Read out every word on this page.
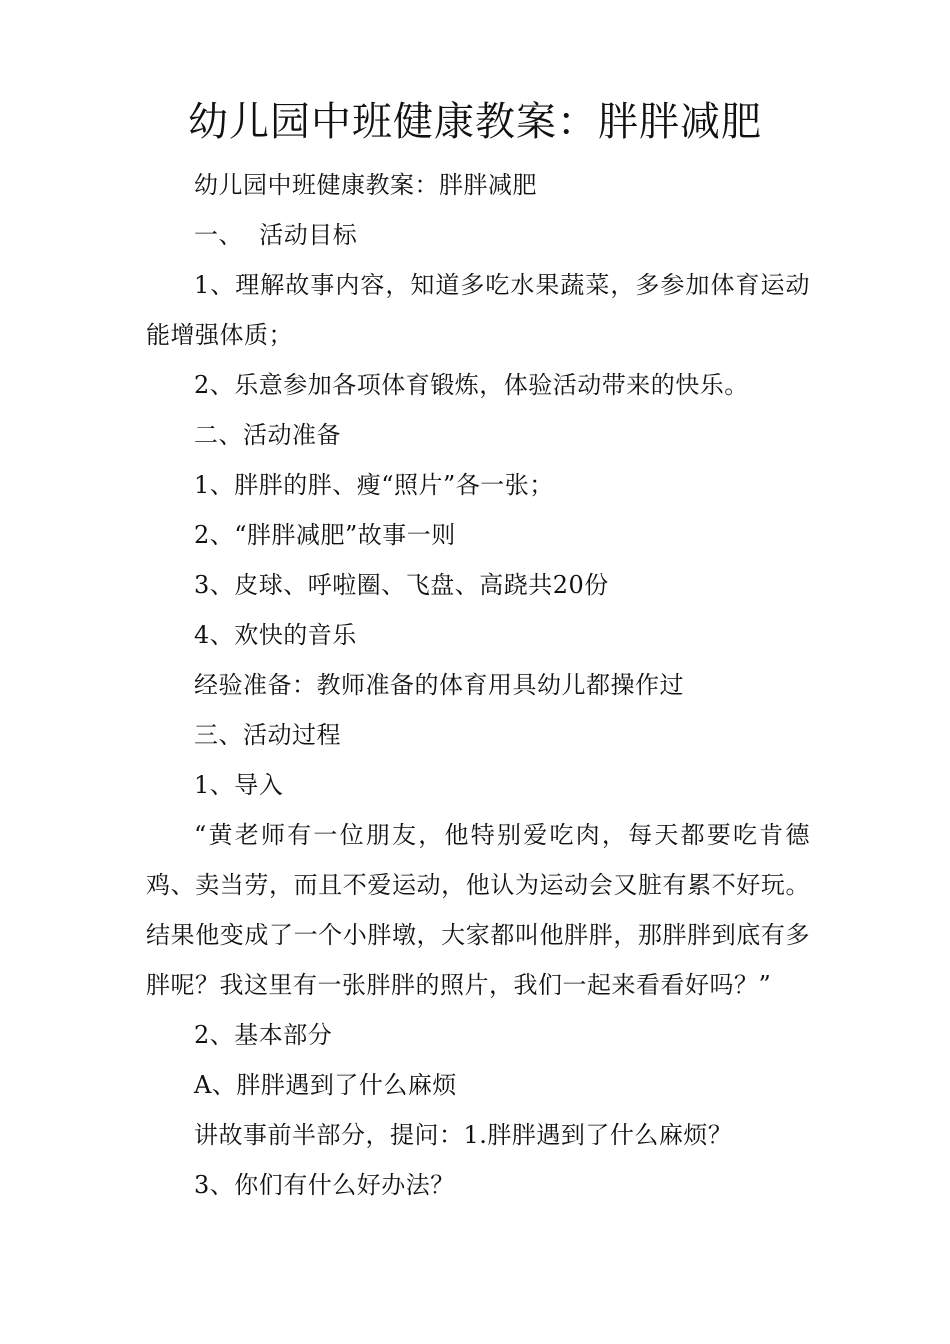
幼儿园中班健康教案：胖胖减肥

幼儿园中班健康教案：胖胖减肥

一、  活动目标

1、理解故事内容，知道多吃水果蔬菜，多参加体育运动能增强体质；

2、乐意参加各项体育锻炼，体验活动带来的快乐。

二、活动准备

1、胖胖的胖、瘦“照片”各一张；

2、“胖胖减肥”故事一则

3、皮球、呼啦圈、飞盘、高跷共20份

4、欢快的音乐

经验准备：教师准备的体育用具幼儿都操作过

三、活动过程

1、导入

“黄老师有一位朋友，他特别爱吃肉，每天都要吃肯德鸡、卖当劳，而且不爱运动，他认为运动会又脏有累不好玩。结果他变成了一个小胖墩，大家都叫他胖胖，那胖胖到底有多胖呢？我这里有一张胖胖的照片，我们一起来看看好吗？”

2、基本部分

A、胖胖遇到了什么麻烦

讲故事前半部分，提问：1.胖胖遇到了什么麻烦？

3、你们有什么好办法？
